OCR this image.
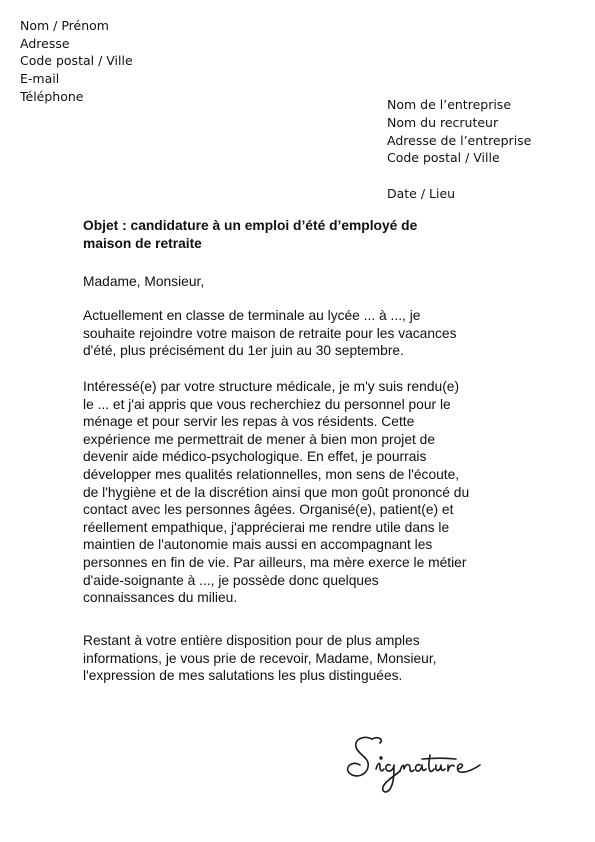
Nom / Prénom
Adresse
Code postal / Ville
E-mail
Téléphone
Nom de l’entreprise
Nom du recruteur
Adresse de l’entreprise
Code postal / Ville
Date / Lieu
Objet : candidature à un emploi d’été d’employé de
maison de retraite
Madame, Monsieur,
Actuellement en classe de terminale au lycée ... à ..., je
souhaite rejoindre votre maison de retraite pour les vacances
d'été, plus précisément du 1er juin au 30 septembre.
Intéressé(e) par votre structure médicale, je m'y suis rendu(e)
le ... et j'ai appris que vous recherchiez du personnel pour le
ménage et pour servir les repas à vos résidents. Cette
expérience me permettrait de mener à bien mon projet de
devenir aide médico-psychologique. En effet, je pourrais
développer mes qualités relationnelles, mon sens de l'écoute,
de l'hygiène et de la discrétion ainsi que mon goût prononcé du
contact avec les personnes âgées. Organisé(e), patient(e) et
réellement empathique, j'apprécierai me rendre utile dans le
maintien de l'autonomie mais aussi en accompagnant les
personnes en fin de vie. Par ailleurs, ma mère exerce le métier
d'aide-soignante à ..., je possède donc quelques
connaissances du milieu.
Restant à votre entière disposition pour de plus amples
informations, je vous prie de recevoir, Madame, Monsieur,
l'expression de mes salutations les plus distinguées.
